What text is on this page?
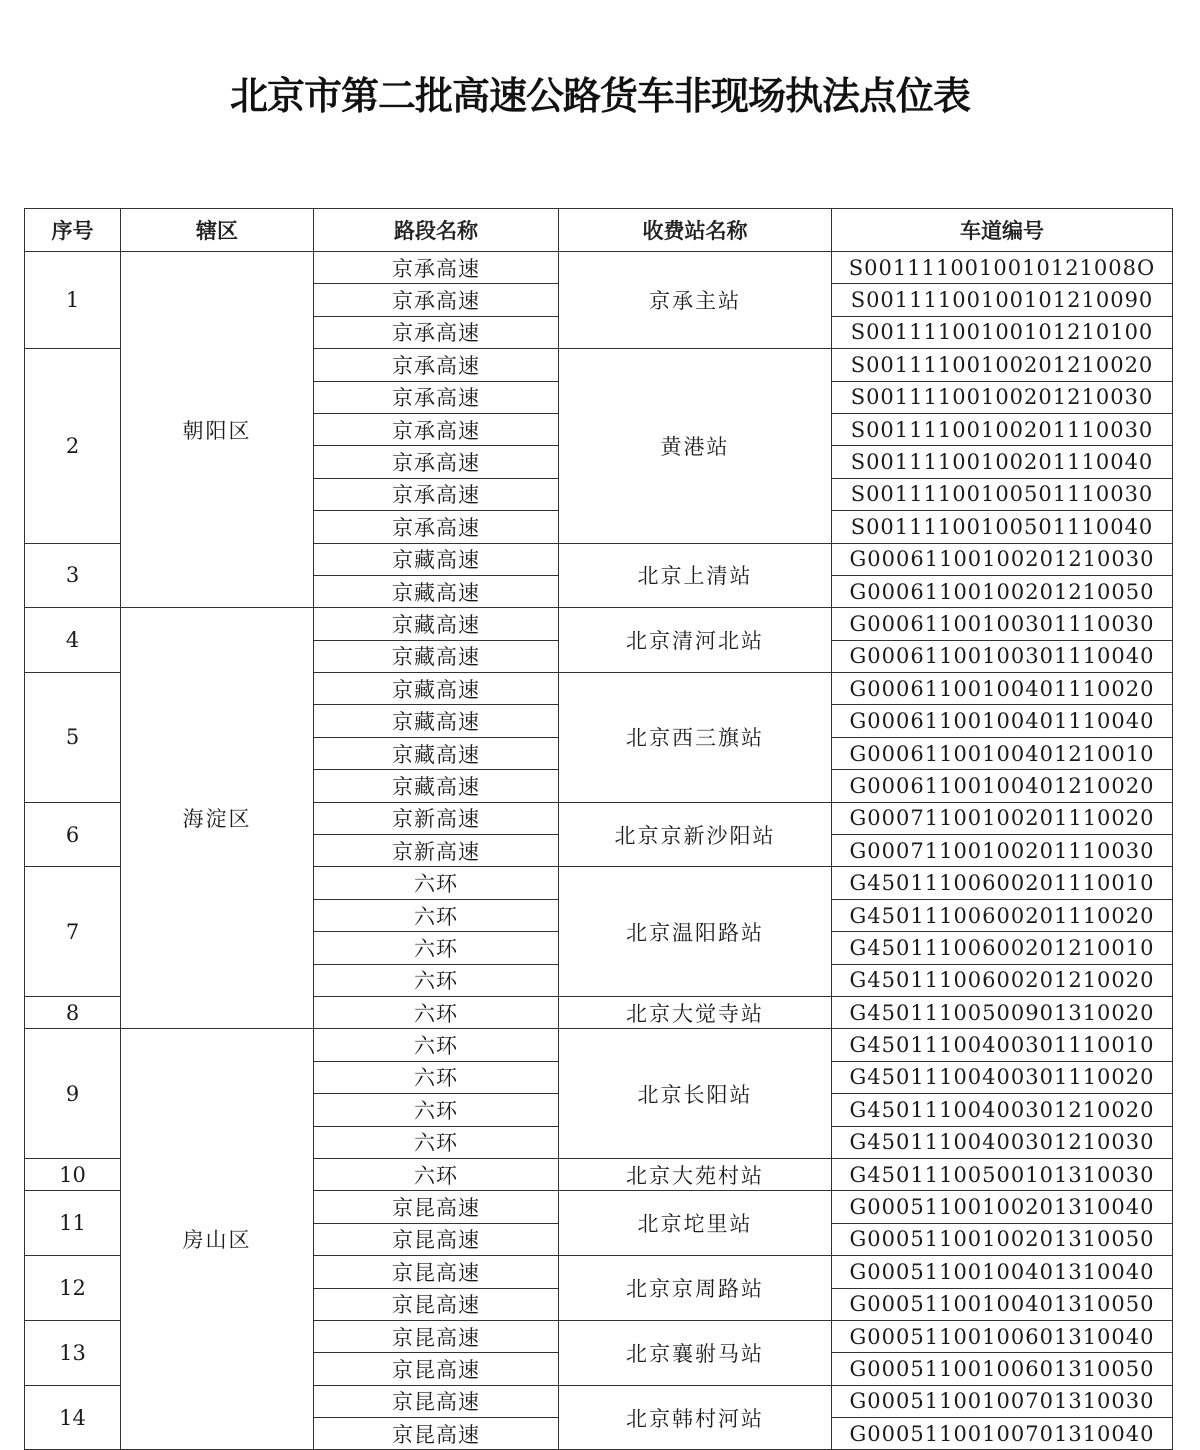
北京市第二批高速公路货车非现场执法点位表
序号	辖区	路段名称	收费站名称	车道编号
1	朝阳区	京承高速	京承主站	S0011110010010121008O
		京承高速		S00111100100101210090
		京承高速		S00111100100101210100
2		京承高速	黄港站	S00111100100201210020
		京承高速		S00111100100201210030
		京承高速		S00111100100201110030
		京承高速		S00111100100201110040
		京承高速		S00111100100501110030
		京承高速		S00111100100501110040
3		京藏高速	北京上清站	G00061100100201210030
		京藏高速		G00061100100201210050
4	海淀区	京藏高速	北京清河北站	G00061100100301110030
		京藏高速		G00061100100301110040
5		京藏高速	北京西三旗站	G00061100100401110020
		京藏高速		G00061100100401110040
		京藏高速		G00061100100401210010
		京藏高速		G00061100100401210020
6		京新高速	北京京新沙阳站	G00071100100201110020
		京新高速		G00071100100201110030
7		六环	北京温阳路站	G45011100600201110010
		六环		G45011100600201110020
		六环		G45011100600201210010
		六环		G45011100600201210020
8		六环	北京大觉寺站	G45011100500901310020
9	房山区	六环	北京长阳站	G45011100400301110010
		六环		G45011100400301110020
		六环		G45011100400301210020
		六环		G45011100400301210030
10		六环	北京大苑村站	G45011100500101310030
11		京昆高速	北京坨里站	G00051100100201310040
		京昆高速		G00051100100201310050
12		京昆高速	北京京周路站	G00051100100401310040
		京昆高速		G00051100100401310050
13		京昆高速	北京襄驸马站	G00051100100601310040
		京昆高速		G00051100100601310050
14		京昆高速	北京韩村河站	G00051100100701310030
		京昆高速		G00051100100701310040
